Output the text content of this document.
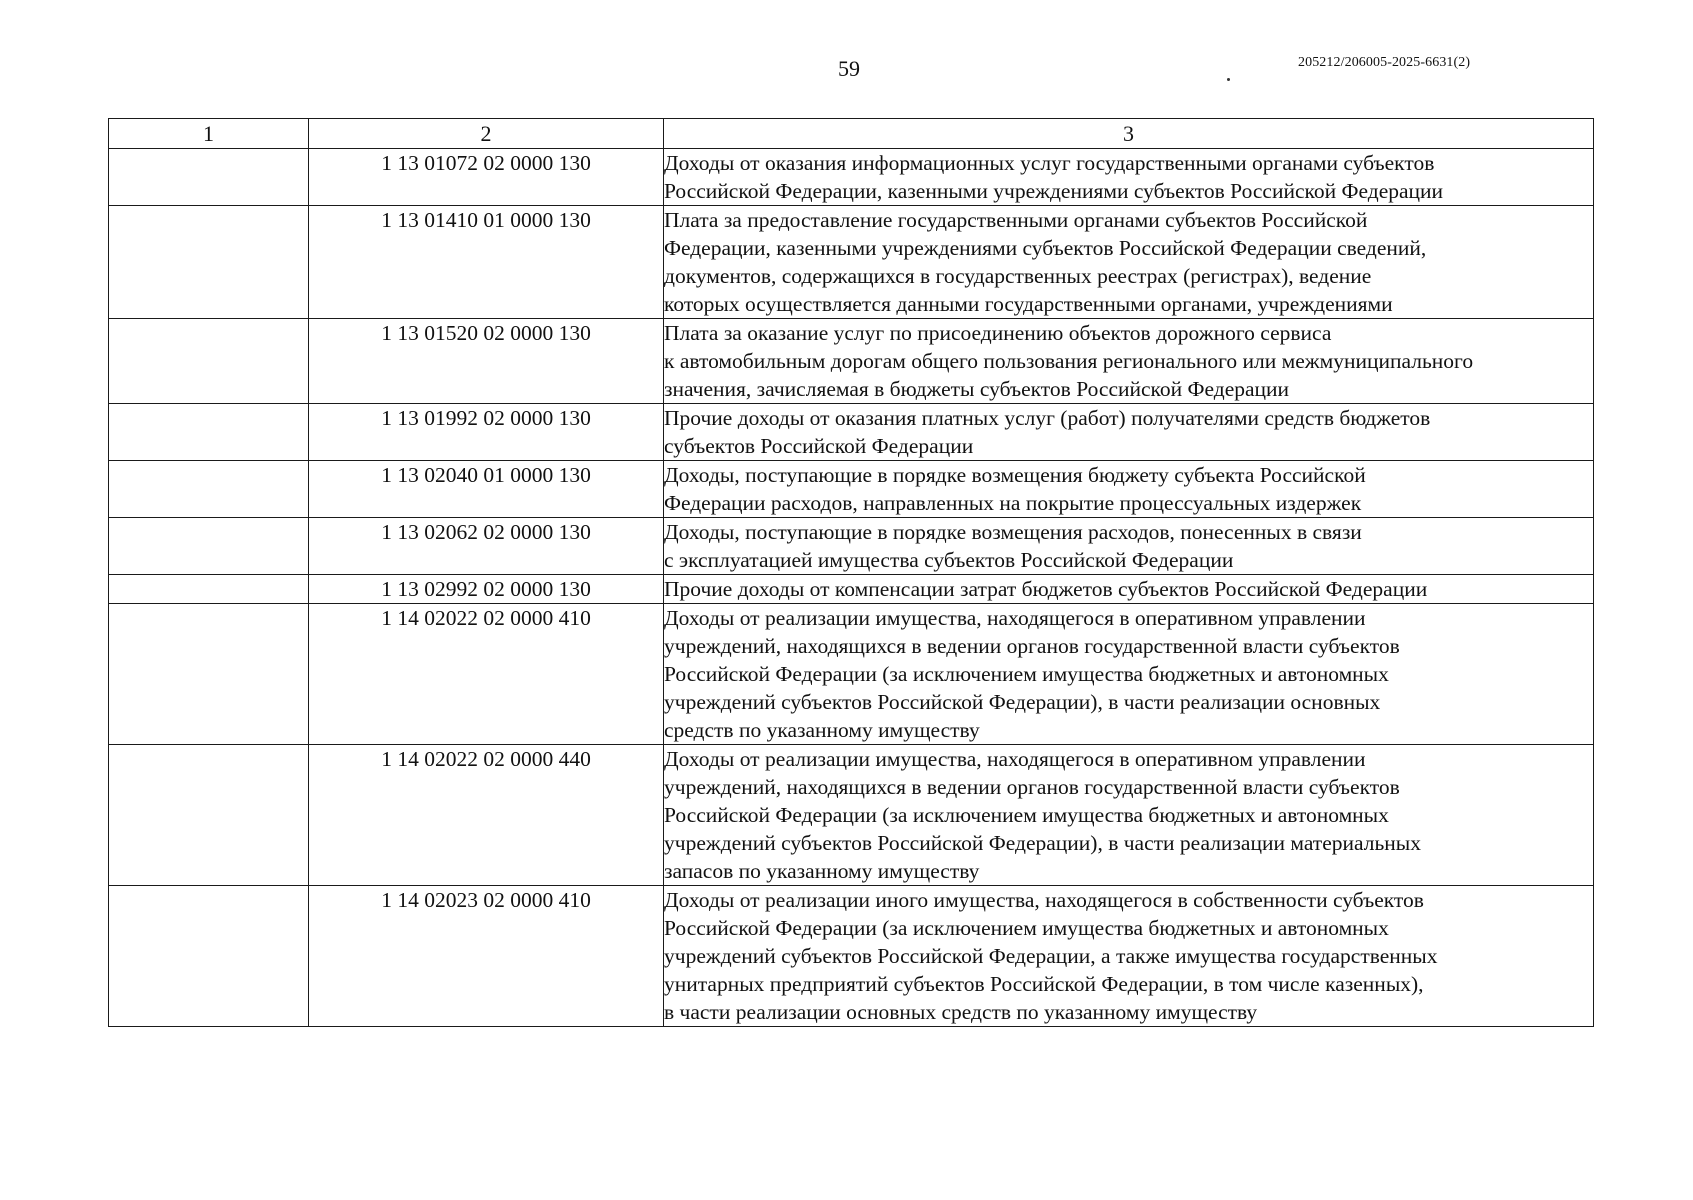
59	205212/206005-2025-6631(2)
1	2	3
	1 13 01072 02 0000 130	Доходы от оказания информационных услуг государственными органами субъектов
Российской Федерации, казенными учреждениями субъектов Российской Федерации

	1 13 01410 01 0000 130	Плата за предоставление государственными органами субъектов Российской
Федерации, казенными учреждениями субъектов Российской Федерации сведений,
документов, содержащихся в государственных реестрах (регистрах), ведение
которых осуществляется данными государственными органами, учреждениями

	1 13 01520 02 0000 130	Плата за оказание услуг по присоединению объектов дорожного сервиса
к автомобильным дорогам общего пользования регионального или межмуниципального
значения, зачисляемая в бюджеты субъектов Российской Федерации

	1 13 01992 02 0000 130	Прочие доходы от оказания платных услуг (работ) получателями средств бюджетов
субъектов Российской Федерации

	1 13 02040 01 0000 130	Доходы, поступающие в порядке возмещения бюджету субъекта Российской
Федерации расходов, направленных на покрытие процессуальных издержек

	1 13 02062 02 0000 130	Доходы, поступающие в порядке возмещения расходов, понесенных в связи
с эксплуатацией имущества субъектов Российской Федерации

	1 13 02992 02 0000 130	Прочие доходы от компенсации затрат бюджетов субъектов Российской Федерации

	1 14 02022 02 0000 410	Доходы от реализации имущества, находящегося в оперативном управлении
учреждений, находящихся в ведении органов государственной власти субъектов
Российской Федерации (за исключением имущества бюджетных и автономных
учреждений субъектов Российской Федерации), в части реализации основных
средств по указанному имуществу

	1 14 02022 02 0000 440	Доходы от реализации имущества, находящегося в оперативном управлении
учреждений, находящихся в ведении органов государственной власти субъектов
Российской Федерации (за исключением имущества бюджетных и автономных
учреждений субъектов Российской Федерации), в части реализации материальных
запасов по указанному имуществу

	1 14 02023 02 0000 410	Доходы от реализации иного имущества, находящегося в собственности субъектов
Российской Федерации (за исключением имущества бюджетных и автономных
учреждений субъектов Российской Федерации, а также имущества государственных
унитарных предприятий субъектов Российской Федерации, в том числе казенных),
в части реализации основных средств по указанному имуществу
